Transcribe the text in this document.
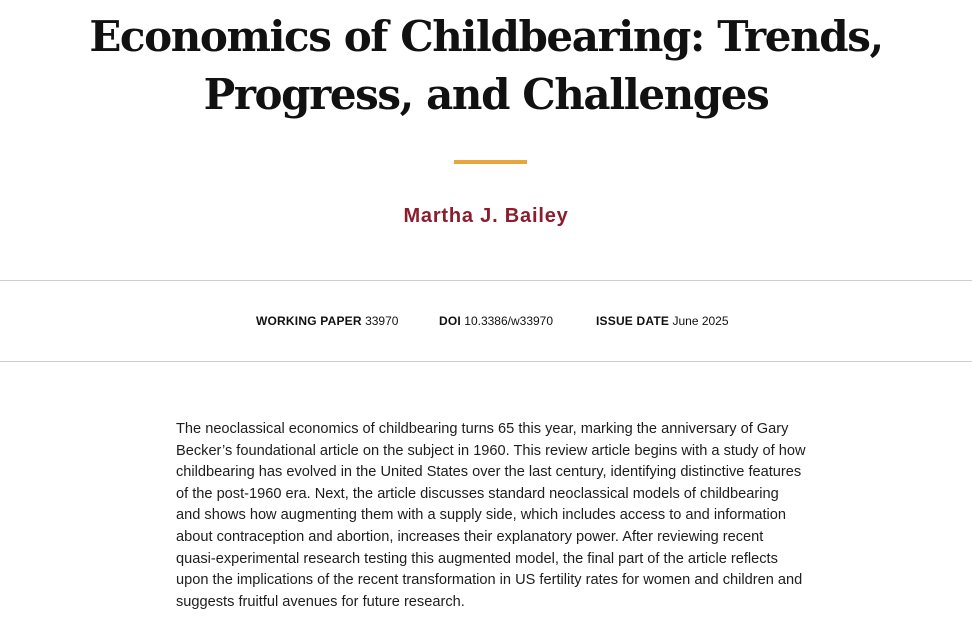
Economics of Childbearing: Trends, Progress, and Challenges
Martha J. Bailey
WORKING PAPER 33970	DOI 10.3386/w33970	ISSUE DATE June 2025

The neoclassical economics of childbearing turns 65 this year, marking the anniversary of Gary Becker’s foundational article on the subject in 1960. This review article begins with a study of how childbearing has evolved in the United States over the last century, identifying distinctive features of the post-1960 era. Next, the article discusses standard neoclassical models of childbearing and shows how augmenting them with a supply side, which includes access to and information about contraception and abortion, increases their explanatory power. After reviewing recent quasi-experimental research testing this augmented model, the final part of the article reflects upon the implications of the recent transformation in US fertility rates for women and children and suggests fruitful avenues for future research.
